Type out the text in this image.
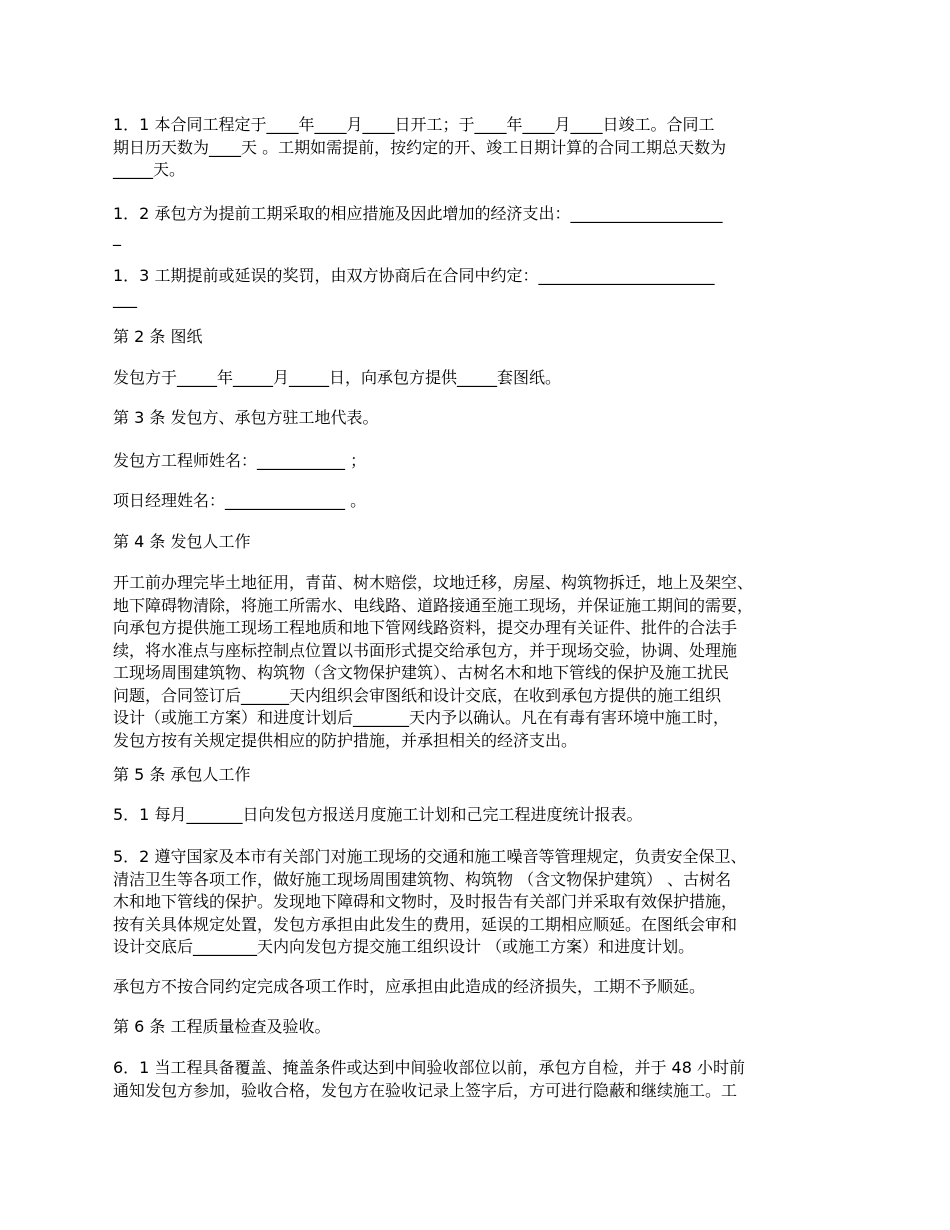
1．1 本合同工程定于____年____月____日开工；于____年____月____日竣工。合同工
期日历天数为____天 。工期如需提前，按约定的开、竣工日期计算的合同工期总天数为
_____天。

1．2 承包方为提前工期采取的相应措施及因此增加的经济支出：___________________
_

1．3 工期提前或延误的奖罚，由双方协商后在合同中约定：______________________
___

第 2 条 图纸

发包方于_____年_____月_____日，向承包方提供_____套图纸。

第 3 条 发包方、承包方驻工地代表。

发包方工程师姓名：___________ ；

项日经理姓名：_______________ 。

第 4 条 发包人工作

开工前办理完毕土地征用，青苗、树木赔偿，坟地迁移，房屋、构筑物拆迁，地上及架空、
地下障碍物清除，将施工所需水、电线路、道路接通至施工现场，并保证施工期间的需要，
向承包方提供施工现场工程地质和地下管网线路资料，提交办理有关证件、批件的合法手
续，将水准点与座标控制点位置以书面形式提交给承包方，并于现场交验，协调、处理施
工现场周围建筑物、构筑物（含文物保护建筑）、古树名木和地下管线的保护及施工扰民
问题，合同签订后______天内组织会审图纸和设计交底，在收到承包方提供的施工组织
设计（或施工方案）和进度计划后_______天内予以确认。凡在有毒有害环境中施工时，
发包方按有关规定提供相应的防护措施，并承担相关的经济支出。

第 5 条 承包人工作

5．1 每月_______日向发包方报送月度施工计划和己完工程进度统计报表。

5．2 遵守国家及本市有关部门对施工现场的交通和施工噪音等管理规定，负责安全保卫、
清洁卫生等各项工作，做好施工现场周围建筑物、构筑物 （含文物保护建筑） 、古树名
木和地下管线的保护。发现地下障碍和文物时，及时报告有关部门并采取有效保护措施，
按有关具体规定处置，发包方承担由此发生的费用，延误的工期相应顺延。在图纸会审和
设计交底后________天内向发包方提交施工组织设计 （或施工方案）和进度计划。

承包方不按合同约定完成各项工作时，应承担由此造成的经济损失，工期不予顺延。

第 6 条 工程质量检查及验收。

6．1 当工程具备覆盖、掩盖条件或达到中间验收部位以前，承包方自检，并于 48 小时前
通知发包方参加，验收合格，发包方在验收记录上签字后，方可进行隐蔽和继续施工。工
